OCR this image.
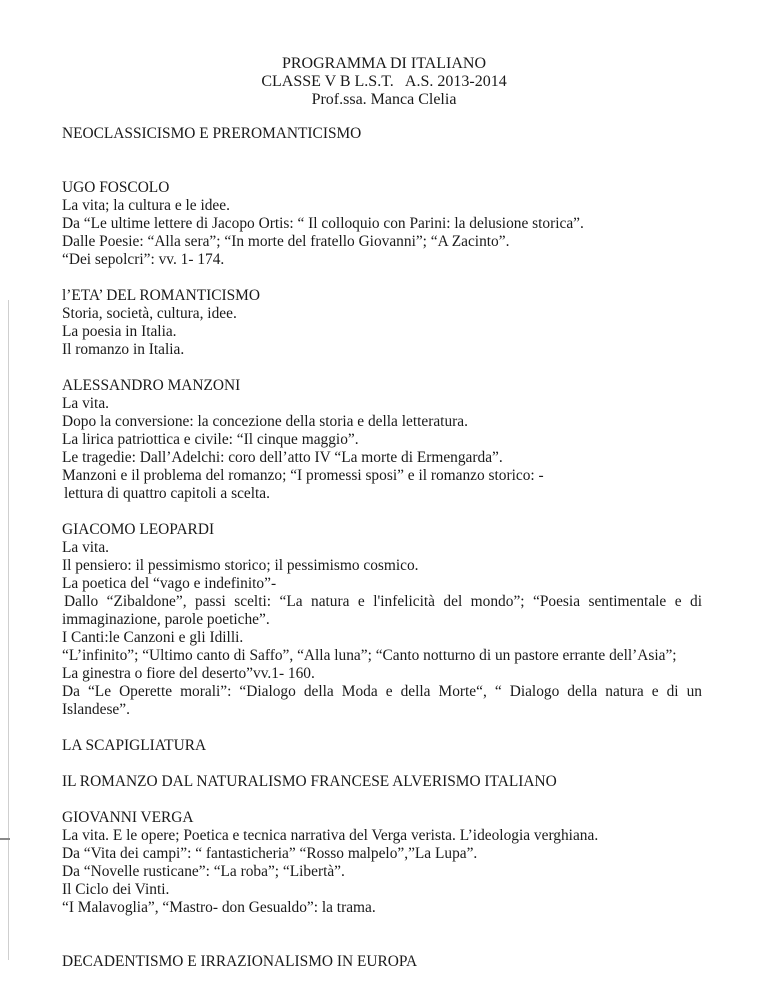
PROGRAMMA DI ITALIANO
CLASSE V B L.S.T.   A.S. 2013-2014
Prof.ssa. Manca Clelia
NEOCLASSICISMO E PREROMANTICISMO
UGO FOSCOLO
La vita; la cultura e le idee.
Da “Le ultime lettere di Jacopo Ortis: “ Il colloquio con Parini: la delusione storica”.
Dalle Poesie: “Alla sera”; “In morte del fratello Giovanni”; “A Zacinto”.
“Dei sepolcri”: vv. 1- 174.
l’ETA’ DEL ROMANTICISMO
Storia, società, cultura, idee.
La poesia in Italia.
Il romanzo in Italia.
ALESSANDRO MANZONI
La vita.
Dopo la conversione: la concezione della storia e della letteratura.
La lirica patriottica e civile: “Il cinque maggio”.
Le tragedie: Dall’Adelchi: coro dell’atto IV “La morte di Ermengarda”.
Manzoni e il problema del romanzo; “I promessi sposi” e il romanzo storico: -
lettura di quattro capitoli a scelta.
GIACOMO LEOPARDI
La vita.
Il pensiero: il pessimismo storico; il pessimismo cosmico.
La poetica del “vago e indefinito”-
Dallo “Zibaldone”, passi scelti: “La natura e l'infelicità del mondo”; “Poesia sentimentale e di
immaginazione, parole poetiche”.
I Canti:le Canzoni e gli Idilli.
“L’infinito”; “Ultimo canto di Saffo”, “Alla luna”; “Canto notturno di un pastore errante dell’Asia”;
La ginestra o fiore del deserto”vv.1- 160.
Da “Le Operette morali”: “Dialogo della Moda e della Morte“, “ Dialogo della natura e di un
Islandese”.
LA SCAPIGLIATURA
IL ROMANZO DAL NATURALISMO FRANCESE ALVERISMO ITALIANO
GIOVANNI VERGA
La vita. E le opere; Poetica e tecnica narrativa del Verga verista. L’ideologia verghiana.
Da “Vita dei campi”: “ fantasticheria” “Rosso malpelo”,”La Lupa”.
Da “Novelle rusticane”: “La roba”; “Libertà”.
Il Ciclo dei Vinti.
“I Malavoglia”, “Mastro- don Gesualdo”: la trama.
DECADENTISMO E IRRAZIONALISMO IN EUROPA
